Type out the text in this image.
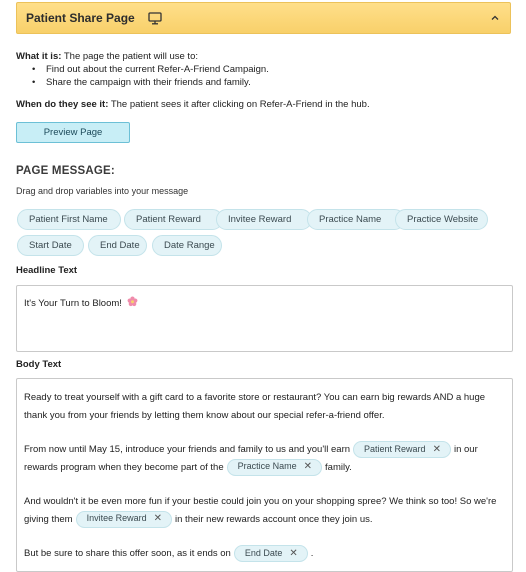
Patient Share Page
What it is: The page the patient will use to:
• Find out about the current Refer-A-Friend Campaign.
• Share the campaign with their friends and family.
When do they see it: The patient sees it after clicking on Refer-A-Friend in the hub.
Preview Page
PAGE MESSAGE:
Drag and drop variables into your message
Patient First Name	Patient Reward	Invitee Reward	Practice Name	Practice Website
Start Date	End Date	Date Range
Headline Text
It's Your Turn to Bloom!
Body Text

Ready to treat yourself with a gift card to a favorite store or restaurant? You can earn big rewards AND a huge thank you from your friends by letting them know about our special refer-a-friend offer.

From now until May 15, introduce your friends and family to us and you'll earn Patient Reward ✕ in our rewards program when they become part of the Practice Name ✕ family.

And wouldn't it be even more fun if your bestie could join you on your shopping spree? We think so too! So we're giving them Invitee Reward ✕ in their new rewards account once they join us.

But be sure to share this offer soon, as it ends on End Date ✕ .
